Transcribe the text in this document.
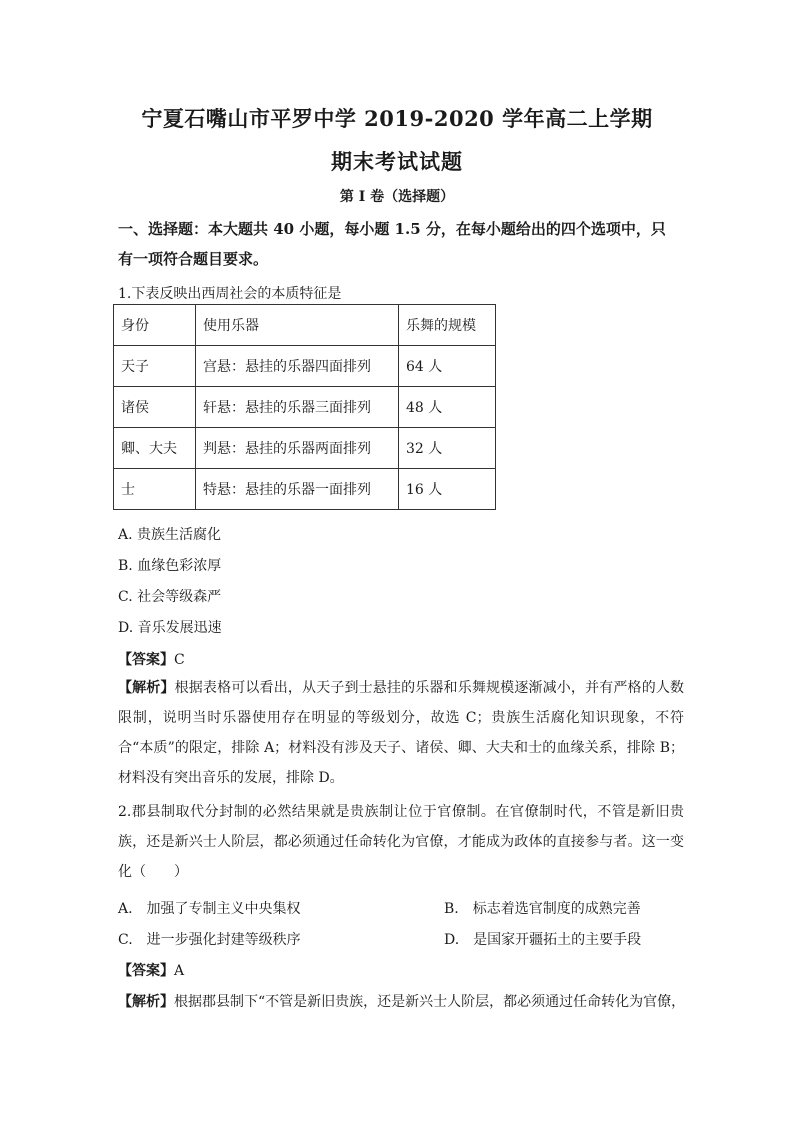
宁夏石嘴山市平罗中学 2019-2020 学年高二上学期
期末考试试题
第 I 卷（选择题）
一、选择题：本大题共 40 小题，每小题 1.5 分，在每小题给出的四个选项中，只有一项符合题目要求。
1.下表反映出西周社会的本质特征是
身份	使用乐器	乐舞的规模
天子	宫悬：悬挂的乐器四面排列	64 人
诸侯	轩悬：悬挂的乐器三面排列	48 人
卿、大夫	判悬：悬挂的乐器两面排列	32 人
士	特悬：悬挂的乐器一面排列	16 人
A. 贵族生活腐化
B. 血缘色彩浓厚
C. 社会等级森严
D. 音乐发展迅速
【答案】C
【解析】根据表格可以看出，从天子到士悬挂的乐器和乐舞规模逐渐减小，并有严格的人数限制，说明当时乐器使用存在明显的等级划分，故选 C；贵族生活腐化知识现象，不符合“本质”的限定，排除 A；材料没有涉及天子、诸侯、卿、大夫和士的血缘关系，排除 B；材料没有突出音乐的发展，排除 D。
2.郡县制取代分封制的必然结果就是贵族制让位于官僚制。在官僚制时代，不管是新旧贵族，还是新兴士人阶层，都必须通过任命转化为官僚，才能成为政体的直接参与者。这一变化（　　）
A.　加强了专制主义中央集权	B.　标志着选官制度的成熟完善
C.　进一步强化封建等级秩序	D.　是国家开疆拓土的主要手段
【答案】A
【解析】根据郡县制下“不管是新旧贵族，还是新兴士人阶层，都必须通过任命转化为官僚，
